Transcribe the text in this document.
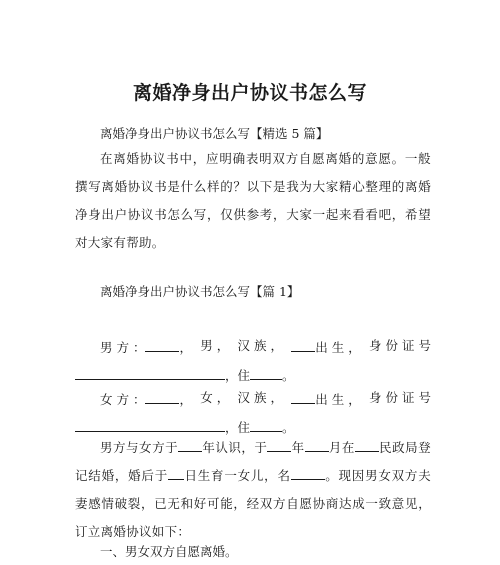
离婚净身出户协议书怎么写
离婚净身出户协议书怎么写【精选 5 篇】
在离婚协议书中，应明确表明双方自愿离婚的意愿。一般撰写离婚协议书是什么样的？以下是我为大家精心整理的离婚净身出户协议书怎么写，仅供参考，大家一起来看看吧，希望对大家有帮助。
离婚净身出户协议书怎么写【篇 1】
男 方 ：	， 男 ， 汉 族 ，	出 生 ， 身 份 证 号
，住	。
女 方 ：	， 女 ， 汉 族 ，	出 生 ， 身 份 证 号
，住	。
男方与女方于 年认识，于 年 月在 民政局登记结婚，婚后于 日生育一女儿，名	。现因男女双方夫妻感情破裂，已无和好可能，经双方自愿协商达成一致意见，订立离婚协议如下：
一、男女双方自愿离婚。
